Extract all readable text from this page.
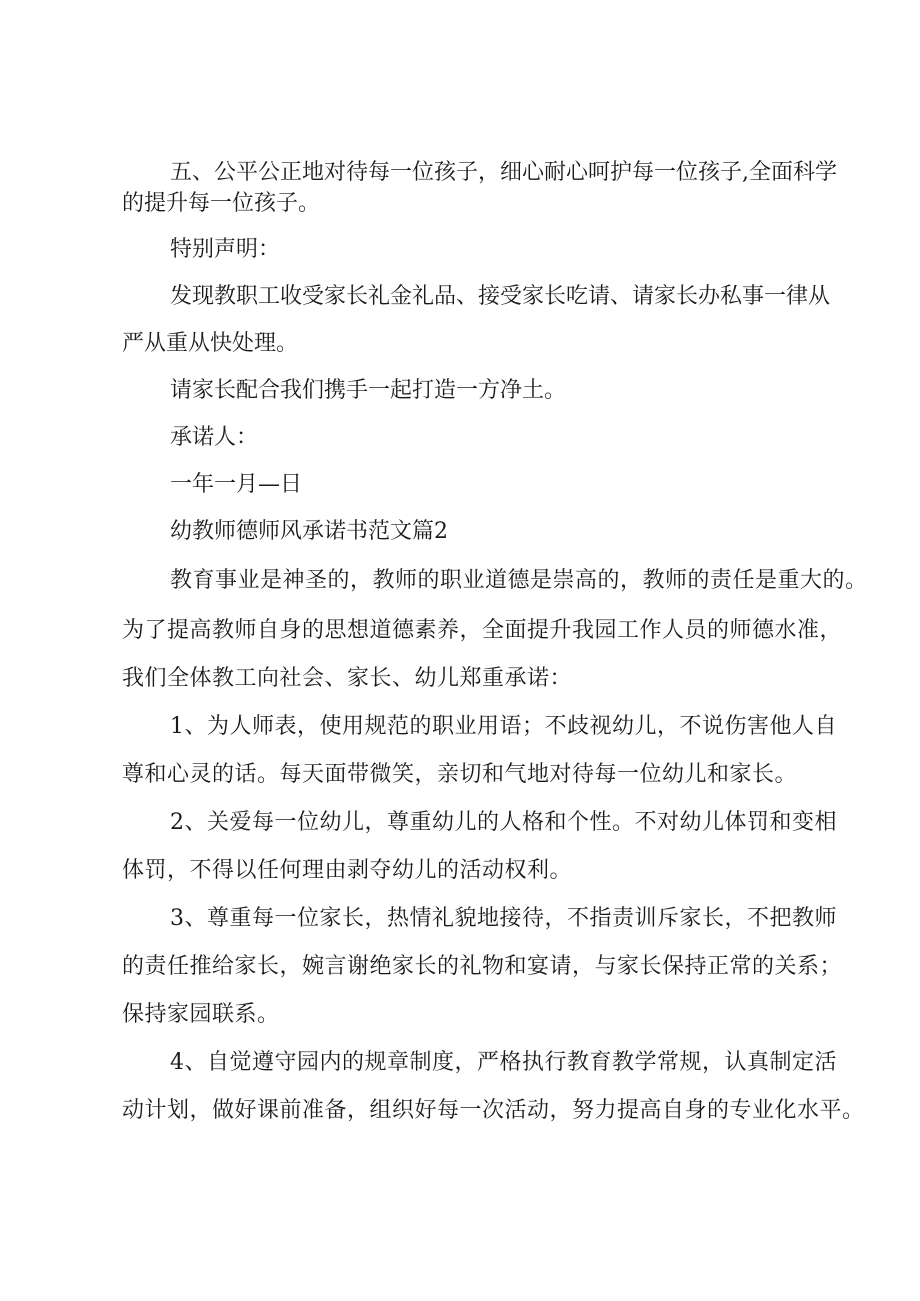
五、公平公正地对待每一位孩子，细心耐心呵护每一位孩子,全面科学
的提升每一位孩子。
特别声明：
发现教职工收受家长礼金礼品、接受家长吃请、请家长办私事一律从
严从重从快处理。
请家长配合我们携手一起打造一方净土。
承诺人：
一年一月—日
幼教师德师风承诺书范文篇2
教育事业是神圣的，教师的职业道德是崇高的，教师的责任是重大的。
为了提高教师自身的思想道德素养，全面提升我园工作人员的师德水准，
我们全体教工向社会、家长、幼儿郑重承诺：
1、为人师表，使用规范的职业用语；不歧视幼儿，不说伤害他人自
尊和心灵的话。每天面带微笑，亲切和气地对待每一位幼儿和家长。
2、关爱每一位幼儿，尊重幼儿的人格和个性。不对幼儿体罚和变相
体罚，不得以任何理由剥夺幼儿的活动权利。
3、尊重每一位家长，热情礼貌地接待，不指责训斥家长，不把教师
的责任推给家长，婉言谢绝家长的礼物和宴请，与家长保持正常的关系；
保持家园联系。
4、自觉遵守园内的规章制度，严格执行教育教学常规，认真制定活
动计划，做好课前准备，组织好每一次活动，努力提高自身的专业化水平。
